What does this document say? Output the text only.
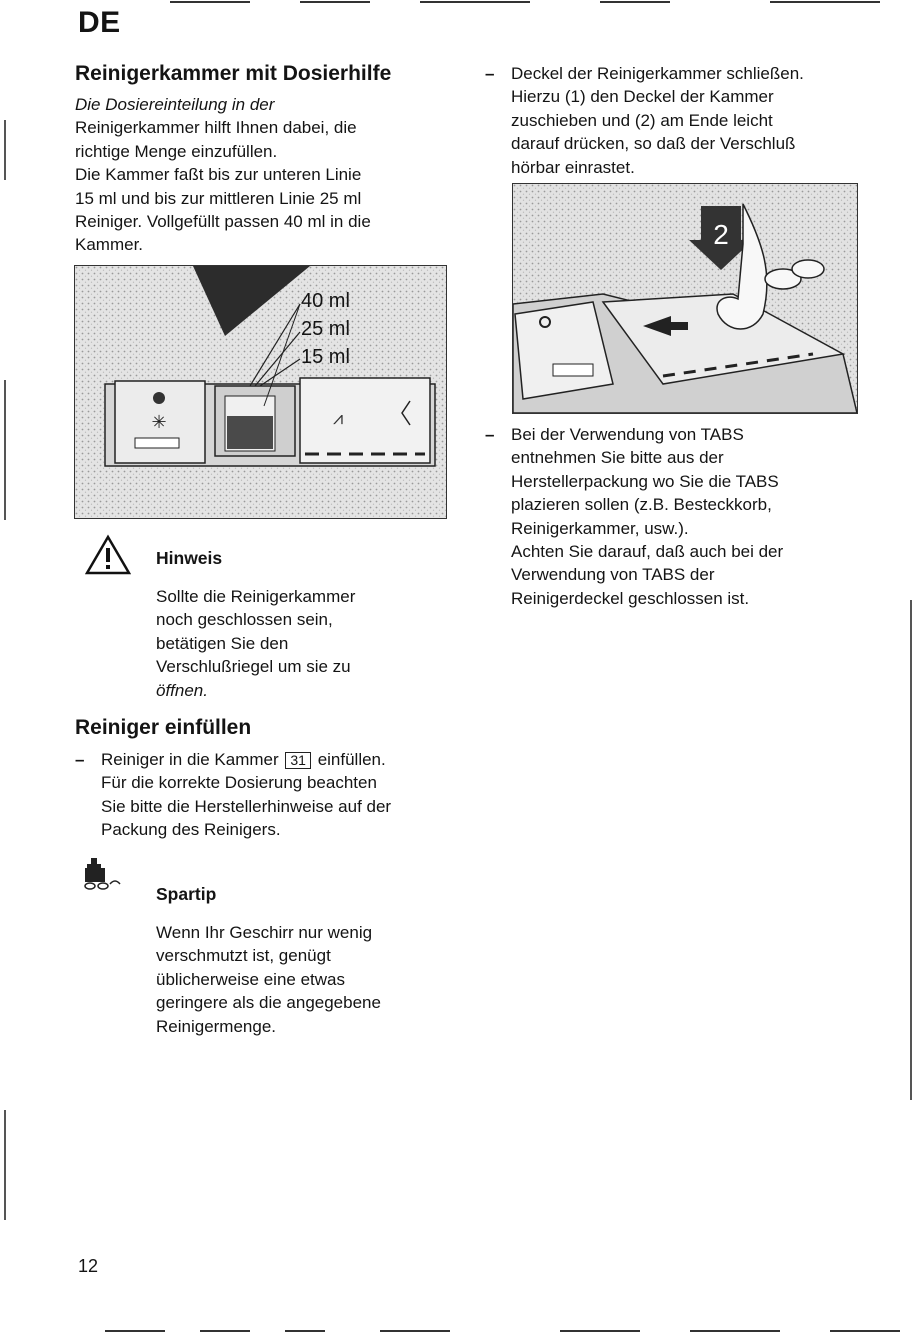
DE
Reinigerkammer mit Dosierhilfe

Die Dosiereinteilung in der
Reinigerkammer hilft Ihnen dabei, die
richtige Menge einzufüllen.
Die Kammer faßt bis zur unteren Linie
15 ml und bis zur mittleren Linie 25 ml
Reiniger. Vollgefüllt passen 40 ml in die
Kammer.

✳	⩘
40 ml
25 ml
15 ml
Hinweis

Sollte die Reinigerkammer
noch geschlossen sein,
betätigen Sie den
Verschlußriegel um sie zu
öffnen.

Reiniger einfüllen
– Reiniger in die Kammer 31 einfüllen.
Für die korrekte Dosierung beachten
Sie bitte die Herstellerhinweise auf der
Packung des Reinigers.

Spartip

Wenn Ihr Geschirr nur wenig
verschmutzt ist, genügt
üblicherweise eine etwas
geringere als die angegebene
Reinigermenge.

12
– Deckel der Reinigerkammer schließen.
Hierzu (1) den Deckel der Kammer
zuschieben und (2) am Ende leicht
darauf drücken, so daß der Verschluß
hörbar einrastet.

2
– Bei der Verwendung von TABS
entnehmen Sie bitte aus der
Herstellerpackung wo Sie die TABS
plazieren sollen (z.B. Besteckkorb,
Reinigerkammer, usw.).
Achten Sie darauf, daß auch bei der
Verwendung von TABS der
Reinigerdeckel geschlossen ist.
